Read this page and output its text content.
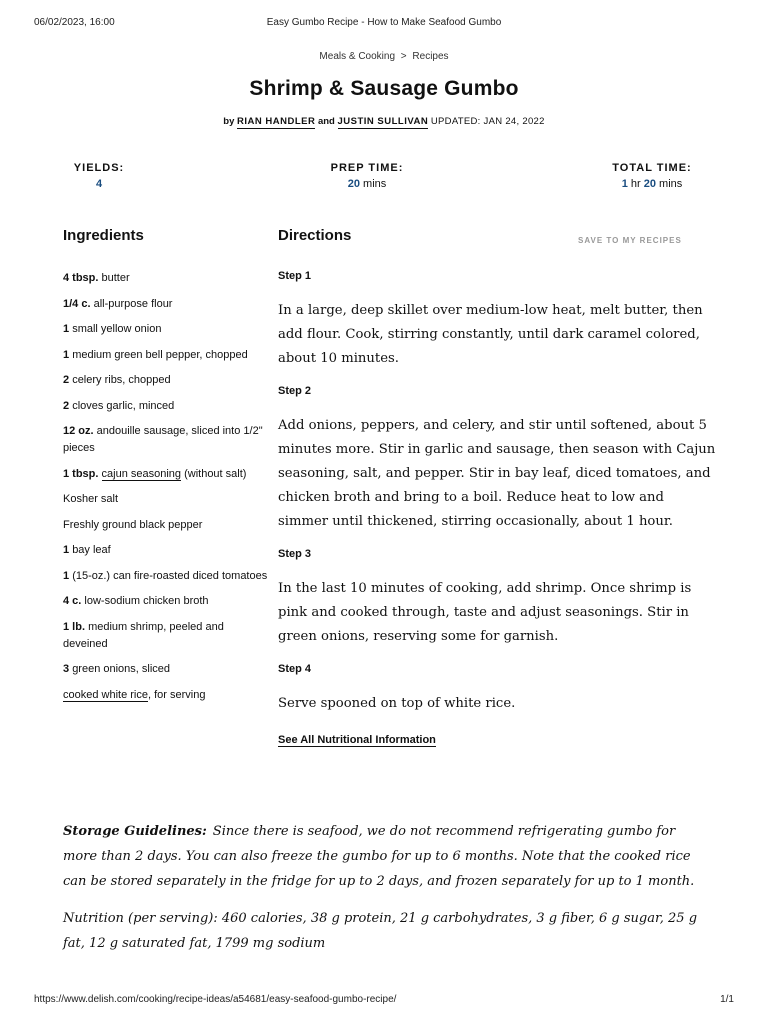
06/02/2023, 16:00	Easy Gumbo Recipe - How to Make Seafood Gumbo
Meals & Cooking > Recipes
Shrimp & Sausage Gumbo
by RIAN HANDLER and JUSTIN SULLIVAN UPDATED: JAN 24, 2022
YIELDS:
4
PREP TIME:
20 mins
TOTAL TIME:
1 hr 20 mins
Ingredients	Directions	SAVE TO MY RECIPES
4 tbsp. butter
1/4 c. all-purpose flour
1 small yellow onion
1 medium green bell pepper, chopped
2 celery ribs, chopped
2 cloves garlic, minced
12 oz. andouille sausage, sliced into 1/2" pieces
1 tbsp. cajun seasoning (without salt)
Kosher salt
Freshly ground black pepper
1 bay leaf
1 (15-oz.) can fire-roasted diced tomatoes
4 c. low-sodium chicken broth
1 lb. medium shrimp, peeled and deveined
3 green onions, sliced
cooked white rice, for serving
Step 1

In a large, deep skillet over medium-low heat, melt butter, then add flour. Cook, stirring constantly, until dark caramel colored, about 10 minutes.

Step 2

Add onions, peppers, and celery, and stir until softened, about 5 minutes more. Stir in garlic and sausage, then season with Cajun seasoning, salt, and pepper. Stir in bay leaf, diced tomatoes, and chicken broth and bring to a boil. Reduce heat to low and simmer until thickened, stirring occasionally, about 1 hour.

Step 3

In the last 10 minutes of cooking, add shrimp. Once shrimp is pink and cooked through, taste and adjust seasonings. Stir in green onions, reserving some for garnish.

Step 4

Serve spooned on top of white rice.

See All Nutritional Information
Storage Guidelines: Since there is seafood, we do not recommend refrigerating gumbo for more than 2 days. You can also freeze the gumbo for up to 6 months. Note that the cooked rice can be stored separately in the fridge for up to 2 days, and frozen separately for up to 1 month.
Nutrition (per serving): 460 calories, 38 g protein, 21 g carbohydrates, 3 g fiber, 6 g sugar, 25 g fat, 12 g saturated fat, 1799 mg sodium
https://www.delish.com/cooking/recipe-ideas/a54681/easy-seafood-gumbo-recipe/	1/1
